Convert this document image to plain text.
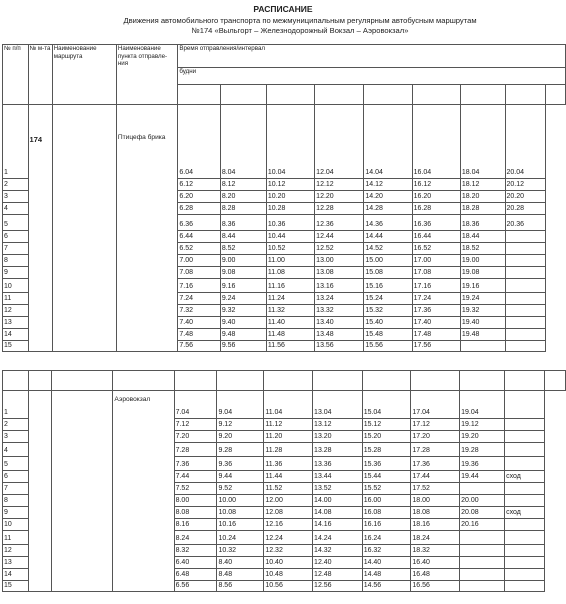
РАСПИСАНИЕ
Движения автомобильного транспорта по межмуниципальным регулярным автобусным маршрутам
№174 «Выльгорт – Железнодорожный Вокзал – Аэровокзал»
№ п/п	№ м-та	Наименование маршрута	Наименование пункта отправле- ния	Время отправления/интервал
будни								

1	174		Птицефа брика	6.04	8.04	10.04	12.04	14.04	16.04	18.04	20.04	
2				6.12	8.12	10.12	12.12	14.12	16.12	18.12	20.12	
3				6.20	8.20	10.20	12.20	14.20	16.20	18.20	20.20	
4				6.28	8.28	10.28	12.28	14.28	16.28	18.28	20.28	
5				6.36	8.36	10.36	12.36	14.36	16.36	18.36	20.36	
6				6.44	8.44	10.44	12.44	14.44	16.44	18.44		
7				6.52	8.52	10.52	12.52	14.52	16.52	18.52		
8				7.00	9.00	11.00	13.00	15.00	17.00	19.00		
9				7.08	9.08	11.08	13.08	15.08	17.08	19.08		
10				7.16	9.16	11.16	13.16	15.16	17.16	19.16		
11				7.24	9.24	11.24	13.24	15.24	17.24	19.24		
12				7.32	9.32	11.32	13.32	15.32	17.36	19.32		
13				7.40	9.40	11.40	13.40	15.40	17.40	19.40		
14				7.48	9.48	11.48	13.48	15.48	17.48	19.48		
15				7.56	9.56	11.56	13.56	15.56	17.56			

1			Аэровокзал	7.04	9.04	11.04	13.04	15.04	17.04	19.04		
2				7.12	9.12	11.12	13.12	15.12	17.12	19.12		
3				7.20	9.20	11.20	13.20	15.20	17.20	19.20		
4				7.28	9.28	11.28	13.28	15.28	17.28	19.28		
5				7.36	9.36	11.36	13.36	15.36	17.36	19.36		
6				7.44	9.44	11.44	13.44	15.44	17.44	19.44	сход	
7				7.52	9.52	11.52	13.52	15.52	17.52			
8				8.00	10.00	12.00	14.00	16.00	18.00	20.00		
9				8.08	10.08	12.08	14.08	16.08	18.08	20.08	сход	
10				8.16	10.16	12.16	14.16	16.16	18.16	20.16		
11				8.24	10.24	12.24	14.24	16.24	18.24			
12				8.32	10.32	12.32	14.32	16.32	18.32			
13				6.40	8.40	10.40	12.40	14.40	16.40			
14				6.48	8.48	10.48	12.48	14.48	16.48			
15				6.56	8.56	10.56	12.56	14.56	16.56			
